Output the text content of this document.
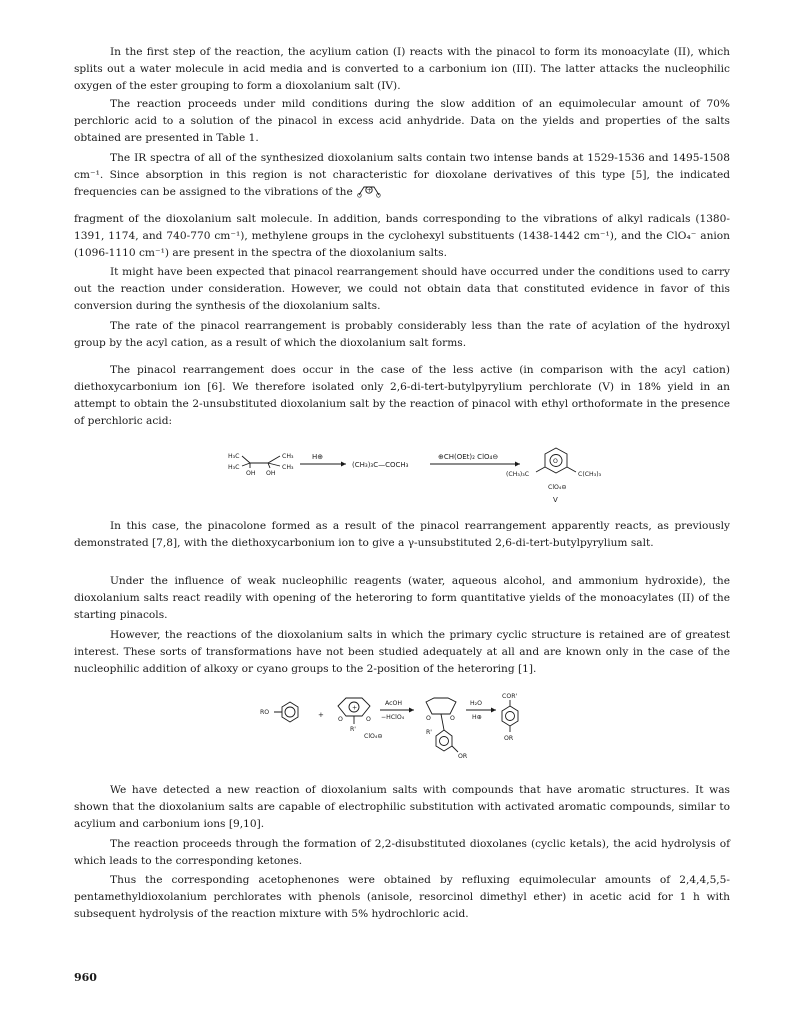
In the first step of the reaction, the acylium cation (I) reacts with the pinacol to form its monoacylate (II), which splits out a water molecule in acid media and is converted to a carbonium ion (III). The latter attacks the nucleophilic oxygen of the ester grouping to form a dioxolanium salt (IV).

The reaction proceeds under mild conditions during the slow addition of an equimolecular amount of 70% perchloric acid to a solution of the pinacol in excess acid anhydride. Data on the yields and properties of the salts obtained are presented in Table 1.

The IR spectra of all of the synthesized dioxolanium salts contain two intense bands at 1529-1536 and 1495-1508 cm⁻¹. Since absorption in this region is not characteristic for dioxolane derivatives of this type [5], the indicated frequencies can be assigned to the vibrations of the +
O O

fragment of the dioxolanium salt molecule. In addition, bands corresponding to the vibrations of alkyl radicals (1380-1391, 1174, and 740-770 cm⁻¹), methylene groups in the cyclohexyl substituents (1438-1442 cm⁻¹), and the ClO₄⁻ anion (1096-1110 cm⁻¹) are present in the spectra of the dioxolanium salts.

It might have been expected that pinacol rearrangement should have occurred under the conditions used to carry out the reaction under consideration. However, we could not obtain data that constituted evidence in favor of this conversion during the synthesis of the dioxolanium salts.

The rate of the pinacol rearrangement is probably considerably less than the rate of acylation of the hydroxyl group by the acyl cation, as a result of which the dioxolanium salt forms.

The pinacol rearrangement does occur in the case of the less active (in comparison with the acyl cation) diethoxycarbonium ion [6]. We therefore isolated only 2,6-di-tert-butylpyrylium perchlorate (V) in 18% yield in an attempt to obtain the 2-unsubstituted dioxolanium salt by the reaction of pinacol with ethyl orthoformate in the presence of perchloric acid:

H₃C	CH₃
H₃C	CH₃
OH OH
H⊕
(CH₃)₃C—COCH₃
⊕CH(OEt)₂ ClO₄⊖
O
(CH₃)₃C	C(CH₃)₃
ClO₄⊖
V

In this case, the pinacolone formed as a result of the pinacol rearrangement apparently reacts, as previously demonstrated [7,8], with the diethoxycarbonium ion to give a γ-unsubstituted 2,6-di-tert-butylpyrylium salt.

Under the influence of weak nucleophilic reagents (water, aqueous alcohol, and ammonium hydroxide), the dioxolanium salts react readily with opening of the heteroring to form quantitative yields of the monoacylates (II) of the starting pinacols.

However, the reactions of the dioxolanium salts in which the primary cyclic structure is retained are of greatest interest. These sorts of transformations have not been studied adequately at all and are known only in the case of the nucleophilic addition of alkoxy or cyano groups to the 2-position of the heteroring [1].

RO	+
+
O	O
R'
ClO₄⊖
AcOH
−HClO₄	O	O
R'
OR
H₂O
H⊕
COR'
OR

We have detected a new reaction of dioxolanium salts with compounds that have aromatic structures. It was shown that the dioxolanium salts are capable of electrophilic substitution with activated aromatic compounds, similar to acylium and carbonium ions [9,10].

The reaction proceeds through the formation of 2,2-disubstituted dioxolanes (cyclic ketals), the acid hydrolysis of which leads to the corresponding ketones.

Thus the corresponding acetophenones were obtained by refluxing equimolecular amounts of 2,4,4,5,5-pentamethyldioxolanium perchlorates with phenols (anisole, resorcinol dimethyl ether) in acetic acid for 1 h with subsequent hydrolysis of the reaction mixture with 5% hydrochloric acid.

960
